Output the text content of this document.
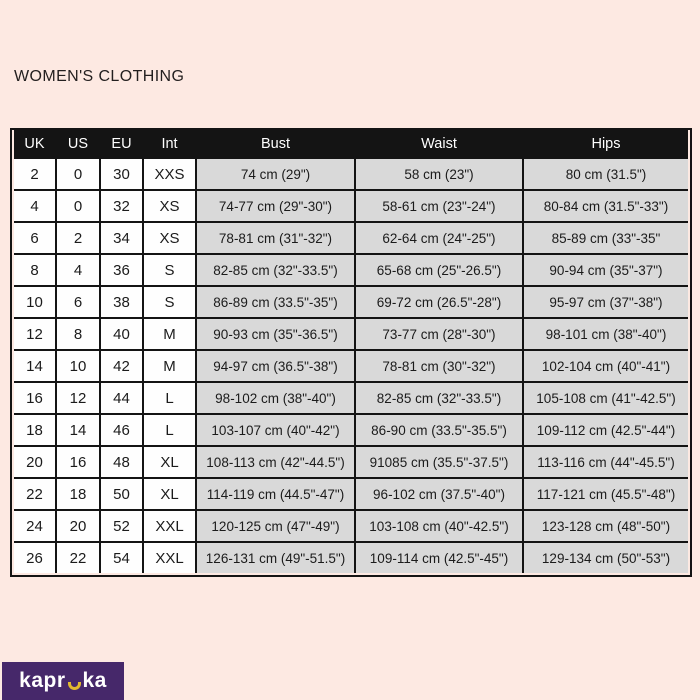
WOMEN'S CLOTHING
UK	US	EU	Int	Bust	Waist	Hips
2	0	30	XXS	74 cm (29")	58 cm (23")	80 cm (31.5")
4	0	32	XS	74-77 cm (29"-30")	58-61 cm (23"-24")	80-84 cm (31.5"-33")
6	2	34	XS	78-81 cm (31"-32")	62-64 cm (24"-25")	85-89 cm (33"-35"
8	4	36	S	82-85 cm (32"-33.5")	65-68 cm (25"-26.5")	90-94 cm (35"-37")
10	6	38	S	86-89 cm (33.5"-35")	69-72 cm (26.5"-28")	95-97 cm (37"-38")
12	8	40	M	90-93 cm (35"-36.5")	73-77 cm (28"-30")	98-101 cm (38"-40")
14	10	42	M	94-97 cm (36.5"-38")	78-81 cm (30"-32")	102-104 cm (40"-41")
16	12	44	L	98-102 cm (38"-40")	82-85 cm (32"-33.5")	105-108 cm (41"-42.5")
18	14	46	L	103-107 cm (40"-42")	86-90 cm (33.5"-35.5")	109-112 cm (42.5"-44")
20	16	48	XL	108-113 cm (42"-44.5")	91085 cm (35.5"-37.5")	113-116 cm (44"-45.5")
22	18	50	XL	114-119 cm (44.5"-47")	96-102 cm (37.5"-40")	117-121 cm (45.5"-48")
24	20	52	XXL	120-125 cm (47"-49")	103-108 cm (40"-42.5")	123-128 cm (48"-50")
26	22	54	XXL	126-131 cm (49"-51.5")	109-114 cm (42.5"-45")	129-134 cm (50"-53")
kapr ka
